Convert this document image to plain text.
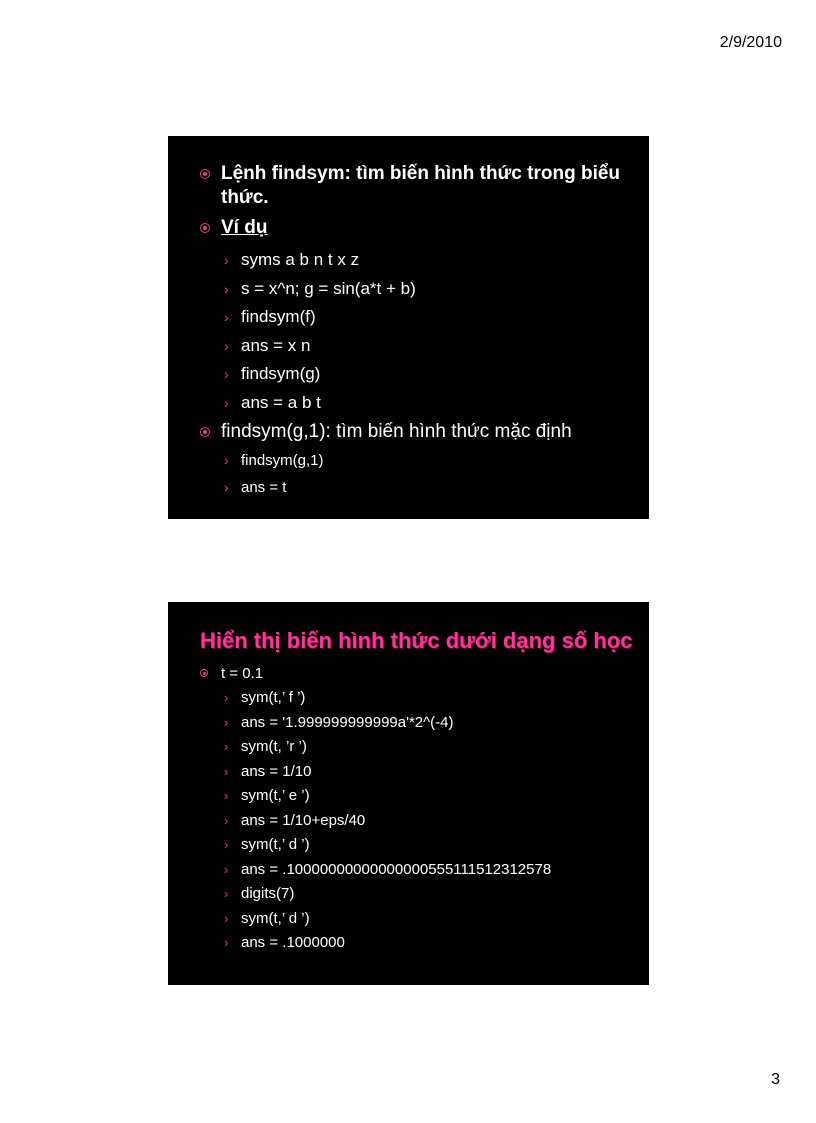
2/9/2010

Lệnh findsym: tìm biến hình thức trong biểu thức.

Ví dụ

› syms a b n t x z

› s = x^n; g = sin(a*t + b)

› findsym(f)

› ans = x n

› findsym(g)

› ans = a b t

findsym(g,1): tìm biến hình thức mặc định

› findsym(g,1)

› ans = t

Hiển thị biến hình thức dưới dạng số học

t = 0.1

› sym(t,’ f ’)

› ans = '1.999999999999a'*2^(-4)

› sym(t, ’r ’)

› ans = 1/10

› sym(t,’ e ’)

› ans = 1/10+eps/40

› sym(t,’ d ’)

› ans = .1000000000000000055511151231257​8

› digits(7)

› sym(t,’ d ’)

› ans = .1000000

3
